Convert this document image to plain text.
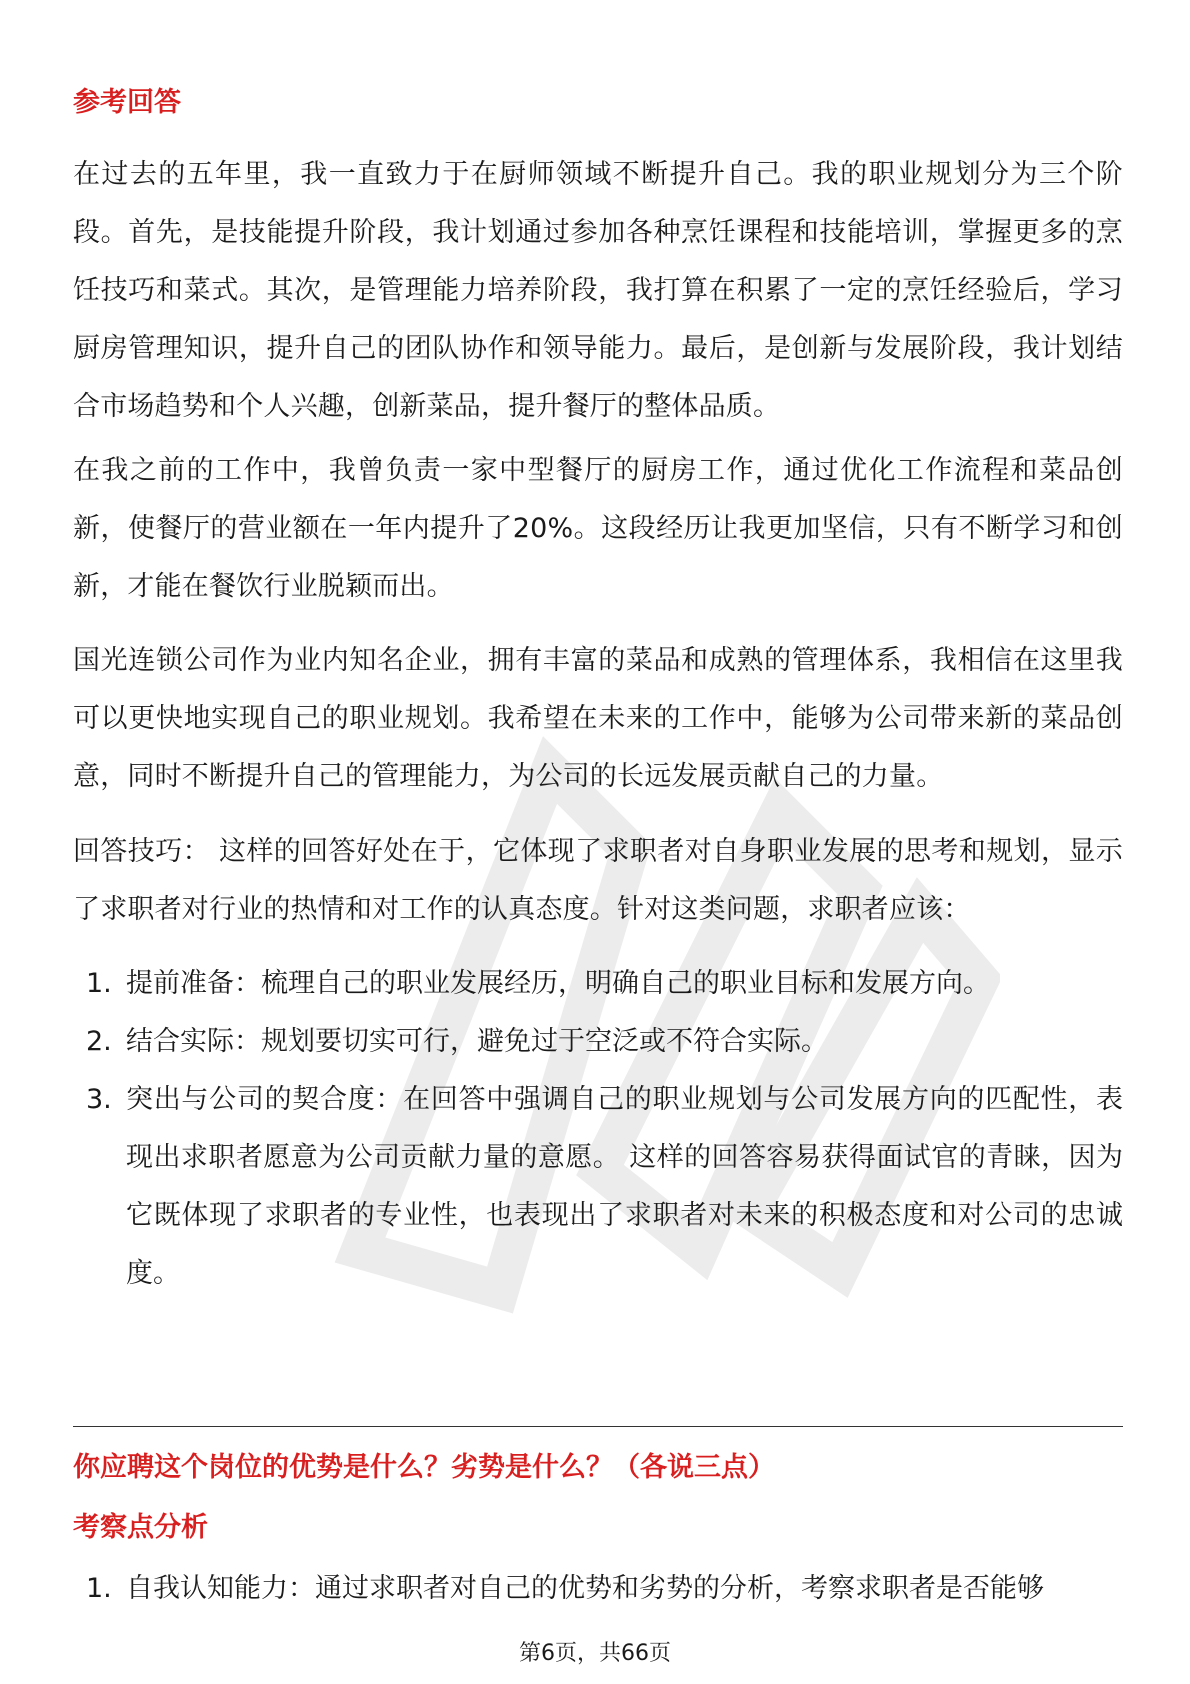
参考回答

在过去的五年里，我一直致力于在厨师领域不断提升自己。我的职业规划分为三个阶段。首先，是技能提升阶段，我计划通过参加各种烹饪课程和技能培训，掌握更多的烹饪技巧和菜式。其次，是管理能力培养阶段，我打算在积累了一定的烹饪经验后，学习厨房管理知识，提升自己的团队协作和领导能力。最后，是创新与发展阶段，我计划结合市场趋势和个人兴趣，创新菜品，提升餐厅的整体品质。

在我之前的工作中，我曾负责一家中型餐厅的厨房工作，通过优化工作流程和菜品创新，使餐厅的营业额在一年内提升了20%。这段经历让我更加坚信，只有不断学习和创新，才能在餐饮行业脱颖而出。

国光连锁公司作为业内知名企业，拥有丰富的菜品和成熟的管理体系，我相信在这里我可以更快地实现自己的职业规划。我希望在未来的工作中，能够为公司带来新的菜品创意，同时不断提升自己的管理能力，为公司的长远发展贡献自己的力量。

回答技巧： 这样的回答好处在于，它体现了求职者对自身职业发展的思考和规划，显示了求职者对行业的热情和对工作的认真态度。针对这类问题，求职者应该：

1. 提前准备：梳理自己的职业发展经历，明确自己的职业目标和发展方向。
2. 结合实际：规划要切实可行，避免过于空泛或不符合实际。
3. 突出与公司的契合度：在回答中强调自己的职业规划与公司发展方向的匹配性，表现出求职者愿意为公司贡献力量的意愿。 这样的回答容易获得面试官的青睐，因为它既体现了求职者的专业性，也表现出了求职者对未来的积极态度和对公司的忠诚度。
你应聘这个岗位的优势是什么？劣势是什么？（各说三点）
考察点分析
1. 自我认知能力：通过求职者对自己的优势和劣势的分析，考察求职者是否能够
第6页，共66页
